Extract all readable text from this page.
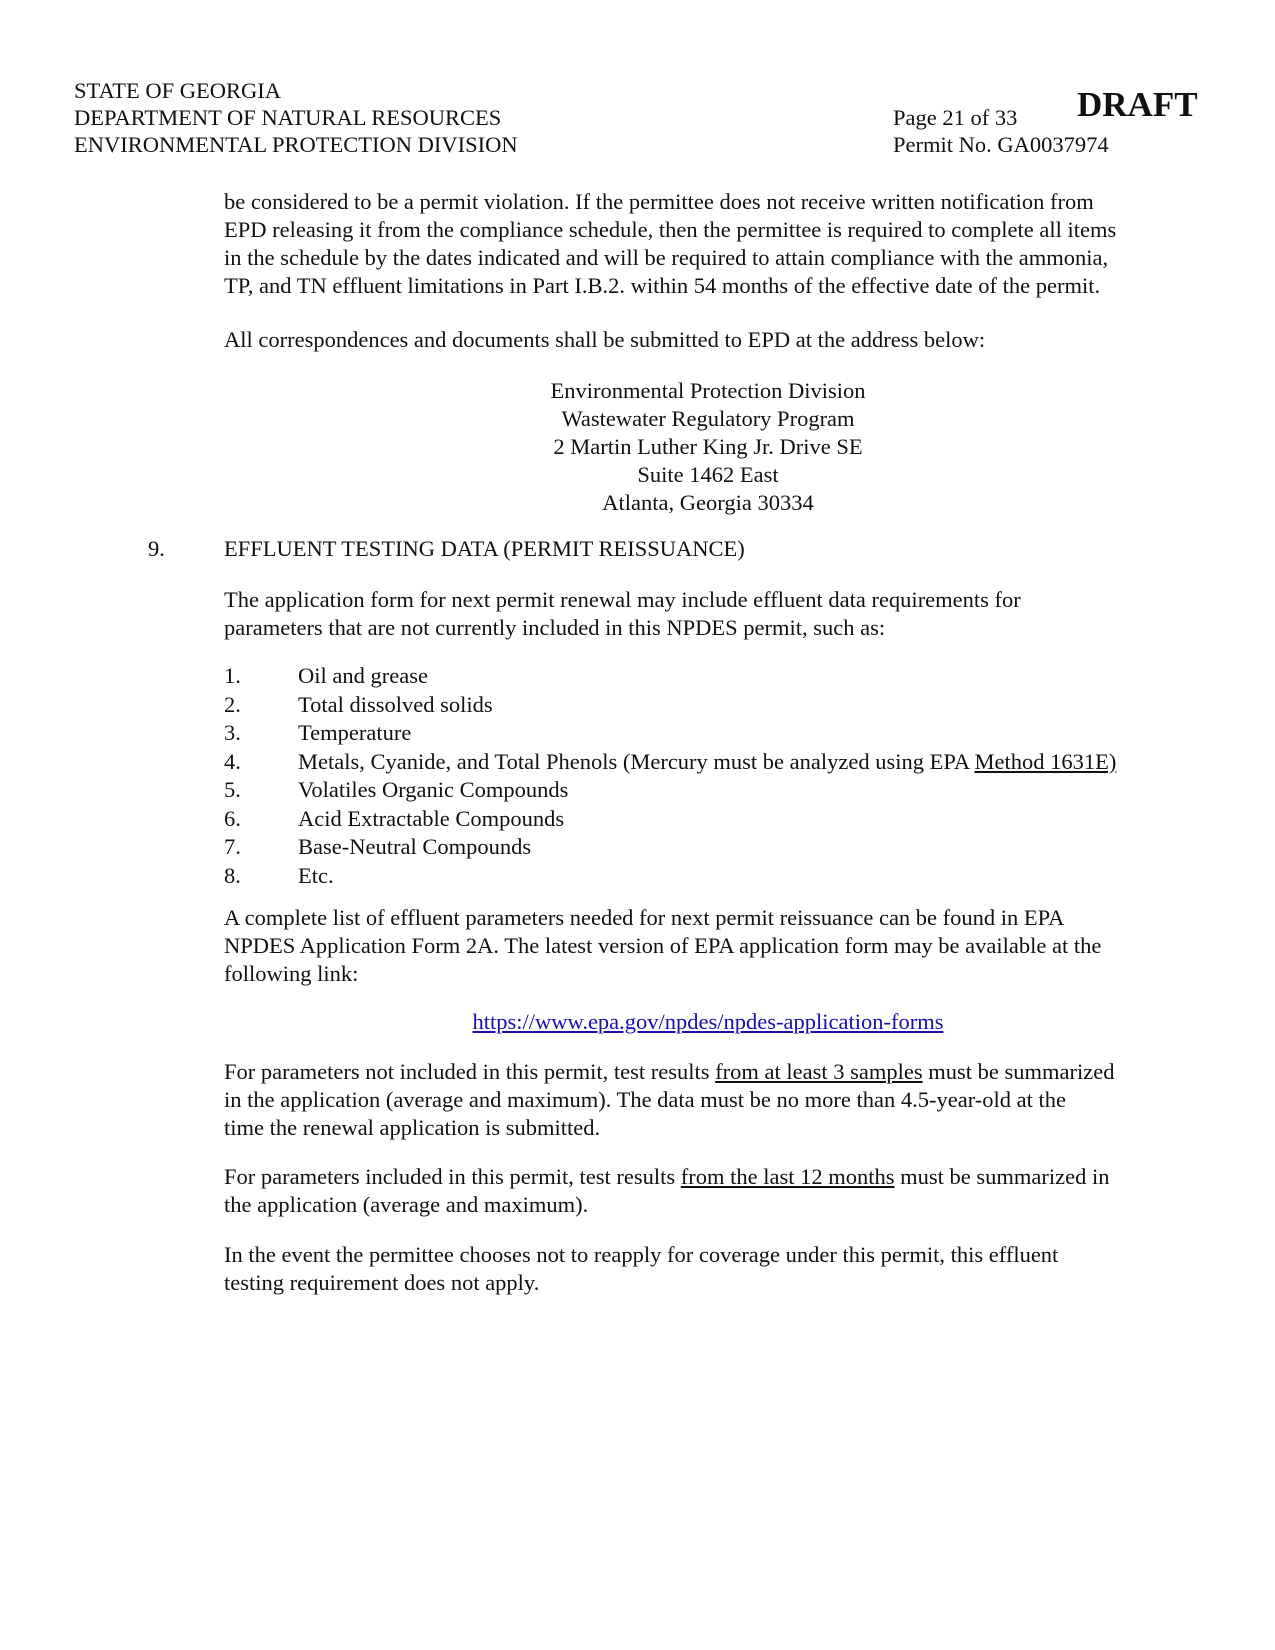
STATE OF GEORGIA
DEPARTMENT OF NATURAL RESOURCES
ENVIRONMENTAL PROTECTION DIVISION
Page 21 of 33
Permit No. GA0037974
DRAFT

be considered to be a permit violation. If the permittee does not receive written notification from

EPD releasing it from the compliance schedule, then the permittee is required to complete all items

in the schedule by the dates indicated and will be required to attain compliance with the ammonia,

TP, and TN effluent limitations in Part I.B.2. within 54 months of the effective date of the permit.

All correspondences and documents shall be submitted to EPD at the address below:
Environmental Protection Division
Wastewater Regulatory Program
2 Martin Luther King Jr. Drive SE
Suite 1462 East
Atlanta, Georgia 30334
9.	EFFLUENT TESTING DATA (PERMIT REISSUANCE)

The application form for next permit renewal may include effluent data requirements for

parameters that are not currently included in this NPDES permit, such as:

1.	Oil and grease
2.	Total dissolved solids
3.	Temperature
4.	Metals, Cyanide, and Total Phenols (Mercury must be analyzed using EPA Method 1631E)
5.	Volatiles Organic Compounds
6.	Acid Extractable Compounds
7.	Base-Neutral Compounds
8.	Etc.

A complete list of effluent parameters needed for next permit reissuance can be found in EPA

NPDES Application Form 2A. The latest version of EPA application form may be available at the

following link:

https://www.epa.gov/npdes/npdes-application-forms

For parameters not included in this permit, test results from at least 3 samples must be summarized

in the application (average and maximum). The data must be no more than 4.5-year-old at the

time the renewal application is submitted.

For parameters included in this permit, test results from the last 12 months must be summarized in

the application (average and maximum).

In the event the permittee chooses not to reapply for coverage under this permit, this effluent

testing requirement does not apply.
